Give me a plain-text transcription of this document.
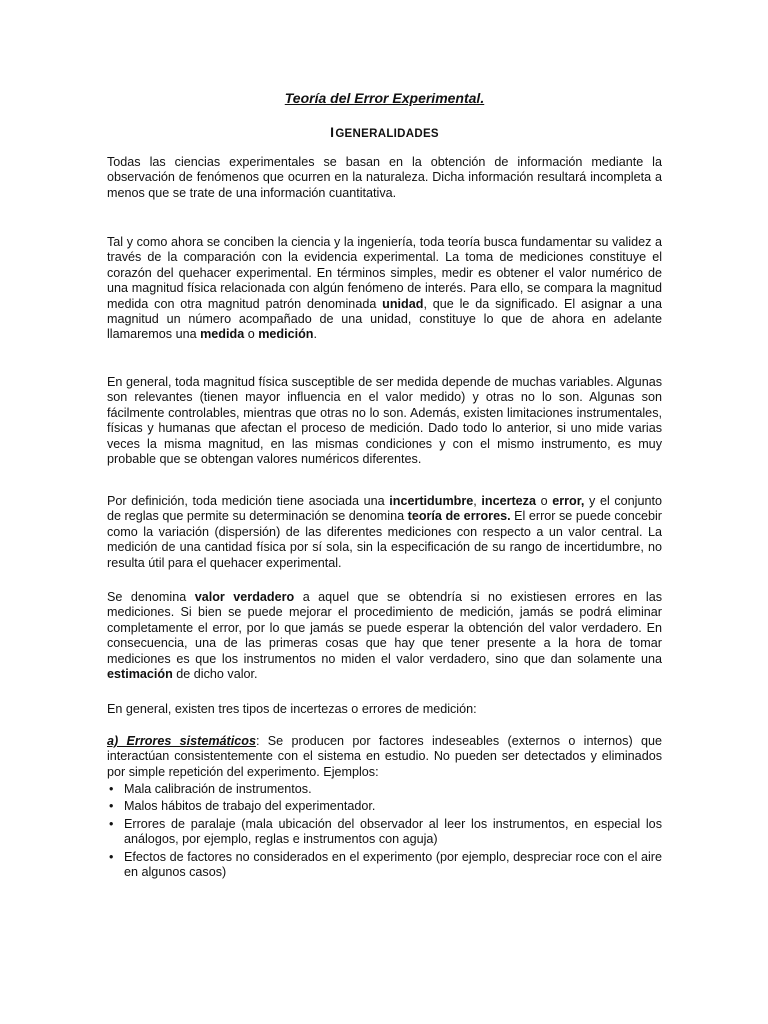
Teoría del Error Experimental.
IGENERALIDADES

Todas las ciencias experimentales se basan en la obtención de información mediante la observación de fenómenos que ocurren en la naturaleza. Dicha información resultará incompleta a menos que se trate de una información cuantitativa.

Tal y como ahora se conciben la ciencia y la ingeniería, toda teoría busca fundamentar su validez a través de la comparación con la evidencia experimental. La toma de mediciones constituye el corazón del quehacer experimental. En términos simples, medir es obtener el valor numérico de una magnitud física relacionada con algún fenómeno de interés. Para ello, se compara la magnitud medida con otra magnitud patrón denominada unidad, que le da significado. El asignar a una magnitud un número acompañado de una unidad, constituye lo que de ahora en adelante llamaremos una medida o medición.

En general, toda magnitud física susceptible de ser medida depende de muchas variables. Algunas son relevantes (tienen mayor influencia en el valor medido) y otras no lo son. Algunas son fácilmente controlables, mientras que otras no lo son. Además, existen limitaciones instrumentales, físicas y humanas que afectan el proceso de medición. Dado todo lo anterior, si uno mide varias veces la misma magnitud, en las mismas condiciones y con el mismo instrumento, es muy probable que se obtengan valores numéricos diferentes.

Por definición, toda medición tiene asociada una incertidumbre, incerteza o error, y el conjunto de reglas que permite su determinación se denomina teoría de errores. El error se puede concebir como la variación (dispersión) de las diferentes mediciones con respecto a un valor central. La medición de una cantidad física por sí sola, sin la especificación de su rango de incertidumbre, no resulta útil para el quehacer experimental.

Se denomina valor verdadero a aquel que se obtendría si no existiesen errores en las mediciones. Si bien se puede mejorar el procedimiento de medición, jamás se podrá eliminar completamente el error, por lo que jamás se puede esperar la obtención del valor verdadero. En consecuencia, una de las primeras cosas que hay que tener presente a la hora de tomar mediciones es que los instrumentos no miden el valor verdadero, sino que dan solamente una estimación de dicho valor.

En general, existen tres tipos de incertezas o errores de medición:

a) Errores sistemáticos: Se producen por factores indeseables (externos o internos) que interactúan consistentemente con el sistema en estudio. No pueden ser detectados y eliminados por simple repetición del experimento. Ejemplos:

• Mala calibración de instrumentos.
• Malos hábitos de trabajo del experimentador.
• Errores de paralaje (mala ubicación del observador al leer los instrumentos, en especial los análogos, por ejemplo, reglas e instrumentos con aguja)
• Efectos de factores no considerados en el experimento (por ejemplo, despreciar roce con el aire en algunos casos)
